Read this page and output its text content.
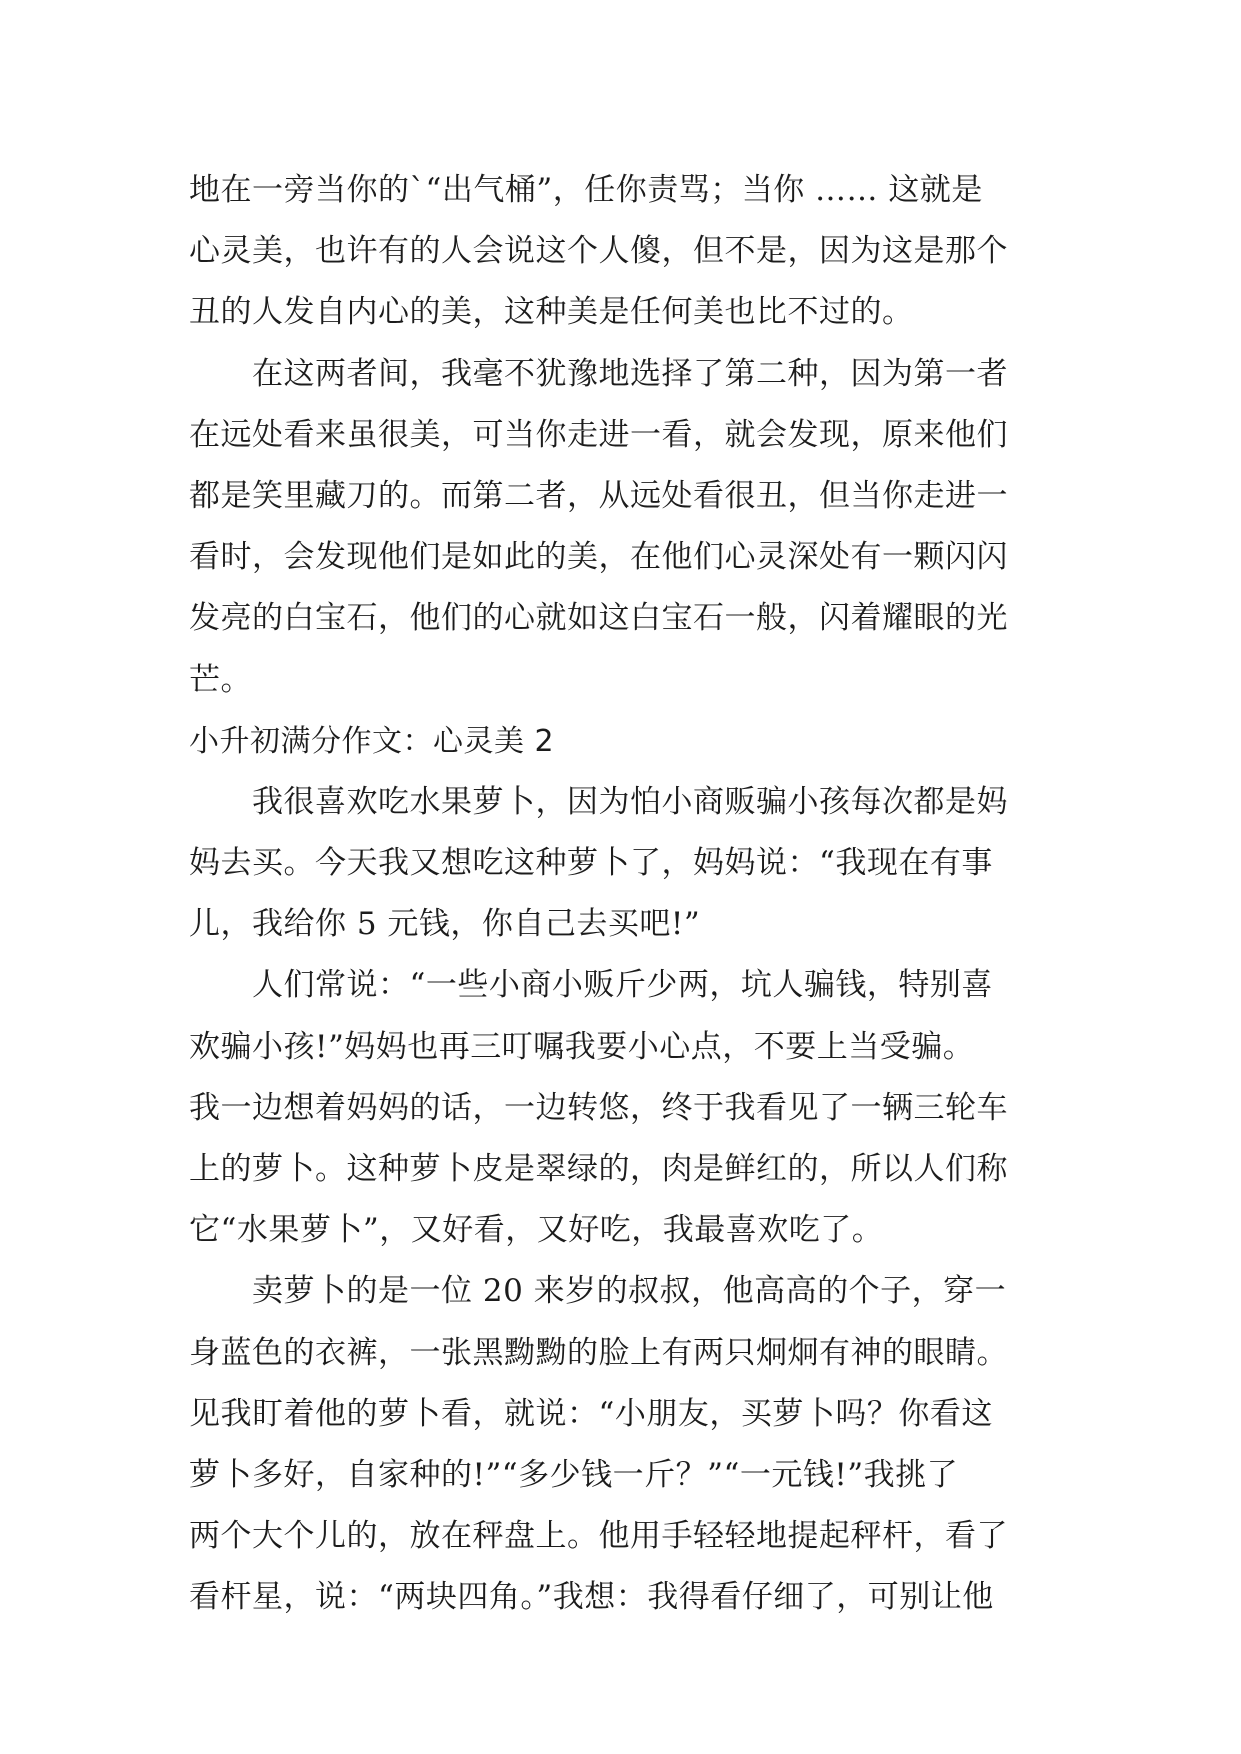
地在一旁当你的`“出气桶”，任你责骂；当你 …… 这就是
心灵美，也许有的人会说这个人傻，但不是，因为这是那个
丑的人发自内心的美，这种美是任何美也比不过的。
　　在这两者间，我毫不犹豫地选择了第二种，因为第一者
在远处看来虽很美，可当你走进一看，就会发现，原来他们
都是笑里藏刀的。而第二者，从远处看很丑，但当你走进一
看时，会发现他们是如此的美，在他们心灵深处有一颗闪闪
发亮的白宝石，他们的心就如这白宝石一般，闪着耀眼的光
芒。
小升初满分作文：心灵美 2
　　我很喜欢吃水果萝卜，因为怕小商贩骗小孩每次都是妈
妈去买。今天我又想吃这种萝卜了，妈妈说：“我现在有事
儿，我给你 5 元钱，你自己去买吧!”
　　人们常说：“一些小商小贩斤少两，坑人骗钱，特别喜
欢骗小孩!”妈妈也再三叮嘱我要小心点，不要上当受骗。
我一边想着妈妈的话，一边转悠，终于我看见了一辆三轮车
上的萝卜。这种萝卜皮是翠绿的，肉是鲜红的，所以人们称
它“水果萝卜”，又好看，又好吃，我最喜欢吃了。
　　卖萝卜的是一位 20 来岁的叔叔，他高高的个子，穿一
身蓝色的衣裤，一张黑黝黝的脸上有两只炯炯有神的眼睛。
见我盯着他的萝卜看，就说：“小朋友，买萝卜吗？你看这
萝卜多好，自家种的!”“多少钱一斤？”“一元钱!”我挑了
两个大个儿的，放在秤盘上。他用手轻轻地提起秤杆，看了
看杆星，说：“两块四角。”我想：我得看仔细了，可别让他
